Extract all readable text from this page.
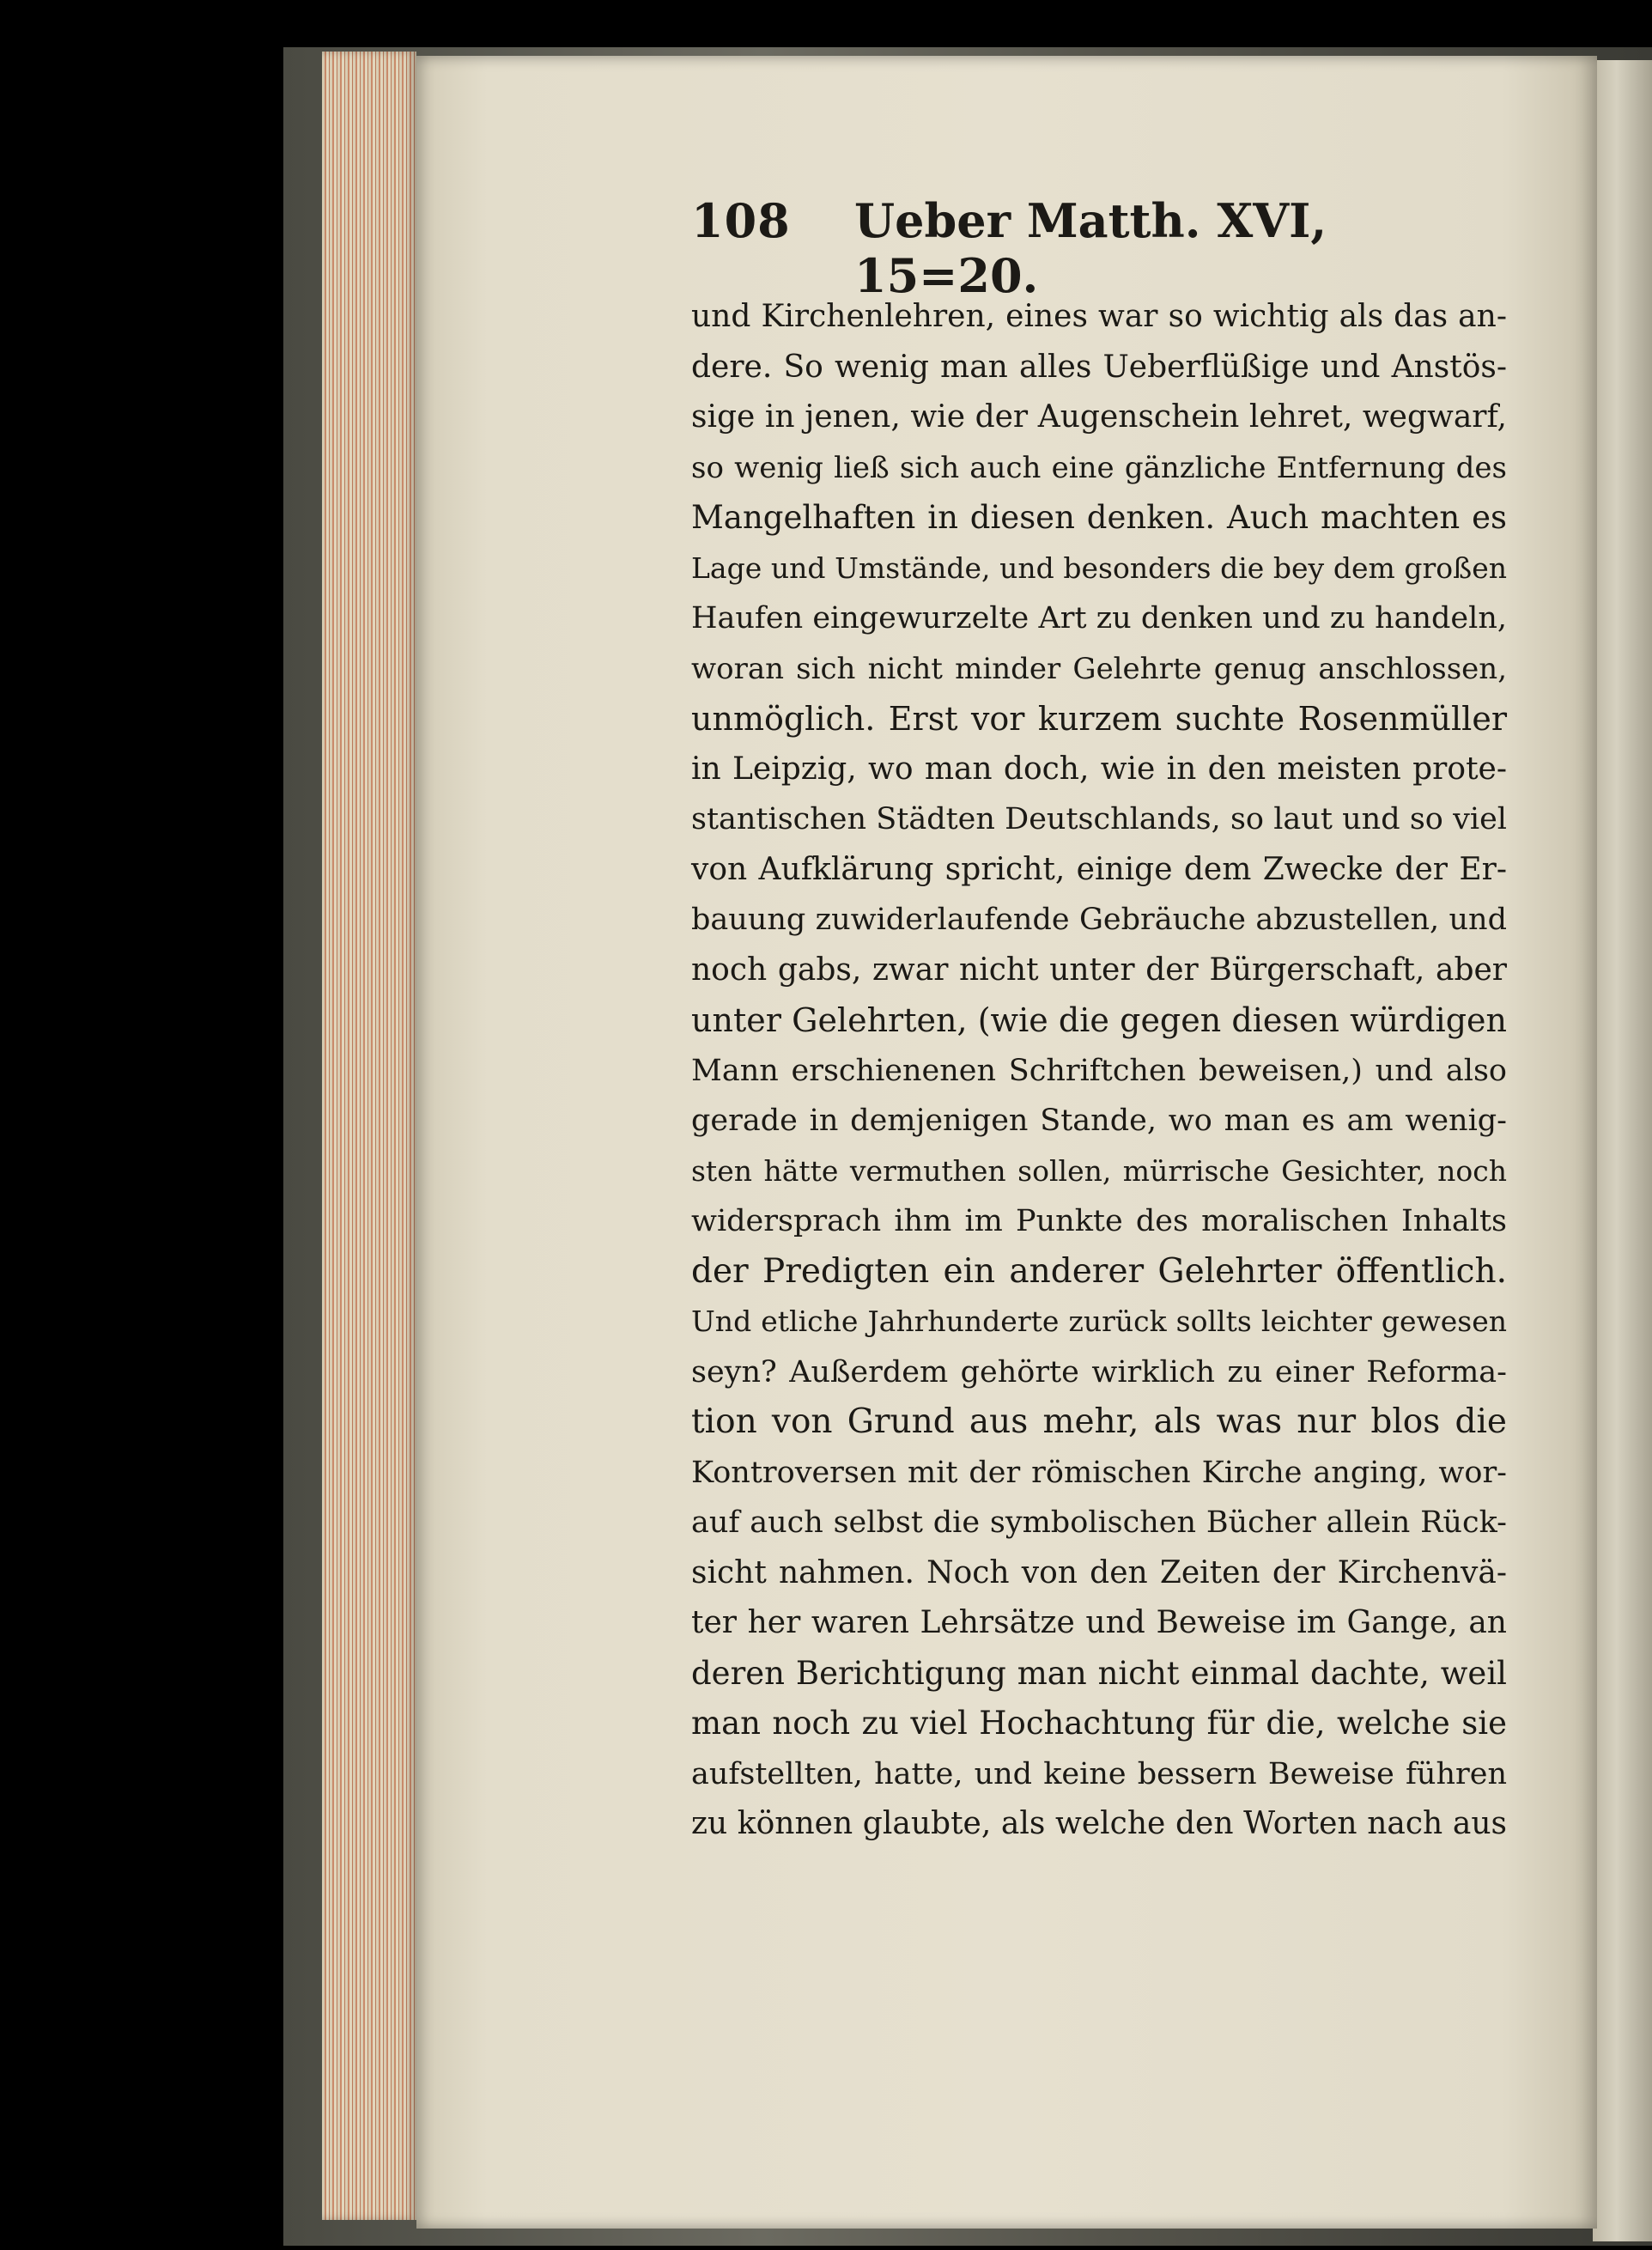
108 Ueber Matth. XVI, 15=20.
und Kirchenlehren, eines war so wichtig als das an-
dere. So wenig man alles Ueberflüßige und Anstös-
sige in jenen, wie der Augenschein lehret, wegwarf,
so wenig ließ sich auch eine gänzliche Entfernung des
Mangelhaften in diesen denken. Auch machten es
Lage und Umstände, und besonders die bey dem großen
Haufen eingewurzelte Art zu denken und zu handeln,
woran sich nicht minder Gelehrte genug anschlossen,
unmöglich. Erst vor kurzem suchte Rosenmüller
in Leipzig, wo man doch, wie in den meisten prote-
stantischen Städten Deutschlands, so laut und so viel
von Aufklärung spricht, einige dem Zwecke der Er-
bauung zuwiderlaufende Gebräuche abzustellen, und
noch gabs, zwar nicht unter der Bürgerschaft, aber
unter Gelehrten, (wie die gegen diesen würdigen
Mann erschienenen Schriftchen beweisen,) und also
gerade in demjenigen Stande, wo man es am wenig-
sten hätte vermuthen sollen, mürrische Gesichter, noch
widersprach ihm im Punkte des moralischen Inhalts
der Predigten ein anderer Gelehrter öffentlich.
Und etliche Jahrhunderte zurück sollts leichter gewesen
seyn? Außerdem gehörte wirklich zu einer Reforma-
tion von Grund aus mehr, als was nur blos die
Kontroversen mit der römischen Kirche anging, wor-
auf auch selbst die symbolischen Bücher allein Rück-
sicht nahmen. Noch von den Zeiten der Kirchenvä-
ter her waren Lehrsätze und Beweise im Gange, an
deren Berichtigung man nicht einmal dachte, weil
man noch zu viel Hochachtung für die, welche sie
aufstellten, hatte, und keine bessern Beweise führen
zu können glaubte, als welche den Worten nach aus
